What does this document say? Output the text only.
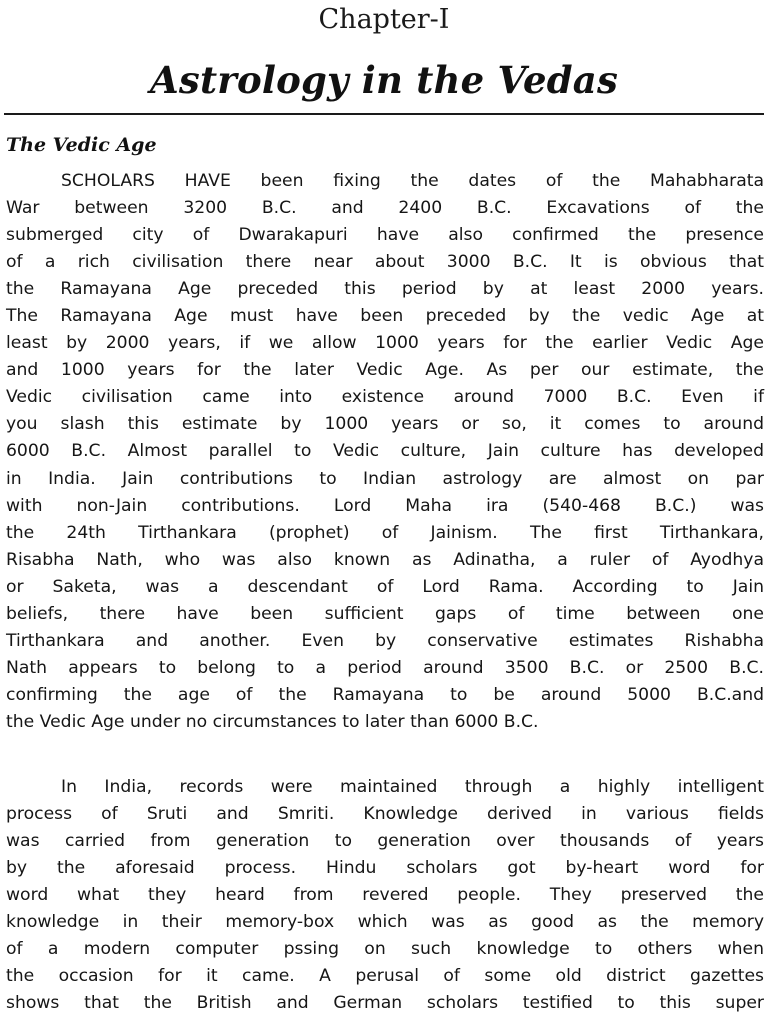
Chapter-I
Astrology in the Vedas
The Vedic Age
SCHOLARS HAVE been fixing the dates of the Mahabharata
War between 3200 B.C. and 2400 B.C. Excavations of the
submerged city of Dwarakapuri have also confirmed the presence
of a rich civilisation there near about 3000 B.C. It is obvious that
the Ramayana Age preceded this period by at least 2000 years.
The Ramayana Age must have been preceded by the vedic Age at
least by 2000 years, if we allow 1000 years for the earlier Vedic Age
and 1000 years for the later Vedic Age. As per our estimate, the
Vedic civilisation came into existence around 7000 B.C. Even if
you slash this estimate by 1000 years or so, it comes to around
6000 B.C. Almost parallel to Vedic culture, Jain culture has developed
in India. Jain contributions to Indian astrology are almost on par
with non-Jain contributions. Lord Maha ira (540-468 B.C.) was
the 24th Tirthankara (prophet) of Jainism. The first Tirthankara,
Risabha Nath, who was also known as Adinatha, a ruler of Ayodhya
or Saketa, was a descendant of Lord Rama. According to Jain
beliefs, there have been sufficient gaps of time between one
Tirthankara and another. Even by conservative estimates Rishabha
Nath appears to belong to a period around 3500 B.C. or 2500 B.C.
confirming the age of the Ramayana to be around 5000 B.C.and
the Vedic Age under no circumstances to later than 6000 B.C.
In India, records were maintained through a highly intelligent
process of Sruti and Smriti. Knowledge derived in various fields
was carried from generation to generation over thousands of years
by the aforesaid process. Hindu scholars got by-heart word for
word what they heard from revered people. They preserved the
knowledge in their memory-box which was as good as the memory
of a modern computer pssing on such knowledge to others when
the occasion for it came. A perusal of some old district gazettes
shows that the British and German scholars testified to this super
